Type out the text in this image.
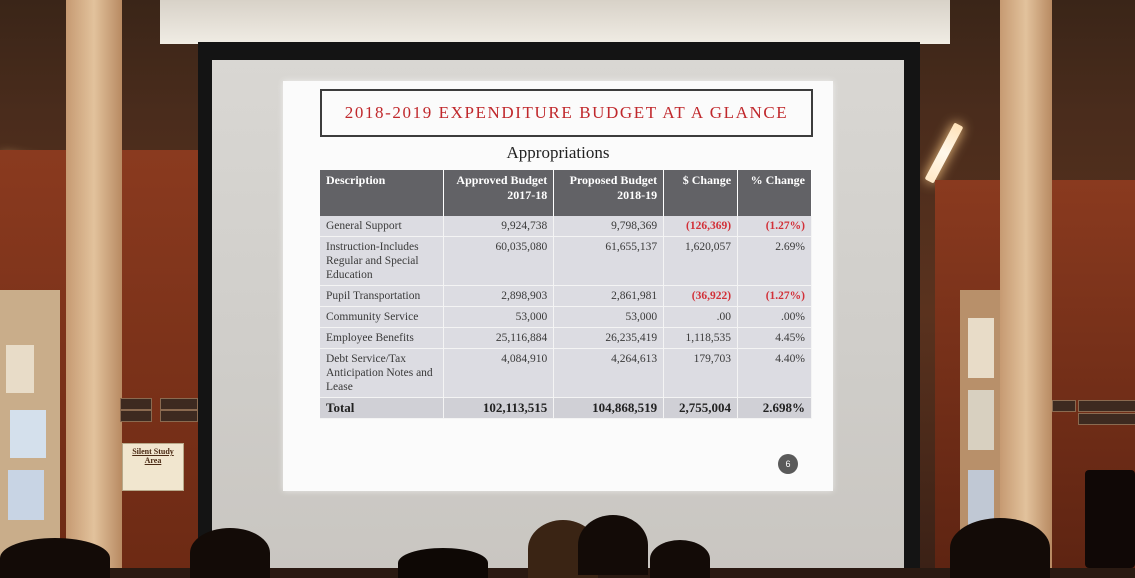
Silent Study Area
2018-2019 EXPENDITURE BUDGET AT A GLANCE
Appropriations
Description	Approved Budget 2017-18	Proposed Budget 2018-19	$ Change	% Change
General Support	9,924,738	9,798,369	(126,369)	(1.27%)
Instruction-Includes Regular and Special Education	60,035,080	61,655,137	1,620,057	2.69%
Pupil Transportation	2,898,903	2,861,981	(36,922)	(1.27%)
Community Service	53,000	53,000	.00	.00%
Employee Benefits	25,116,884	26,235,419	1,118,535	4.45%
Debt Service/Tax Anticipation Notes and Lease	4,084,910	4,264,613	179,703	4.40%
Total	102,113,515	104,868,519	2,755,004	2.698%
6
